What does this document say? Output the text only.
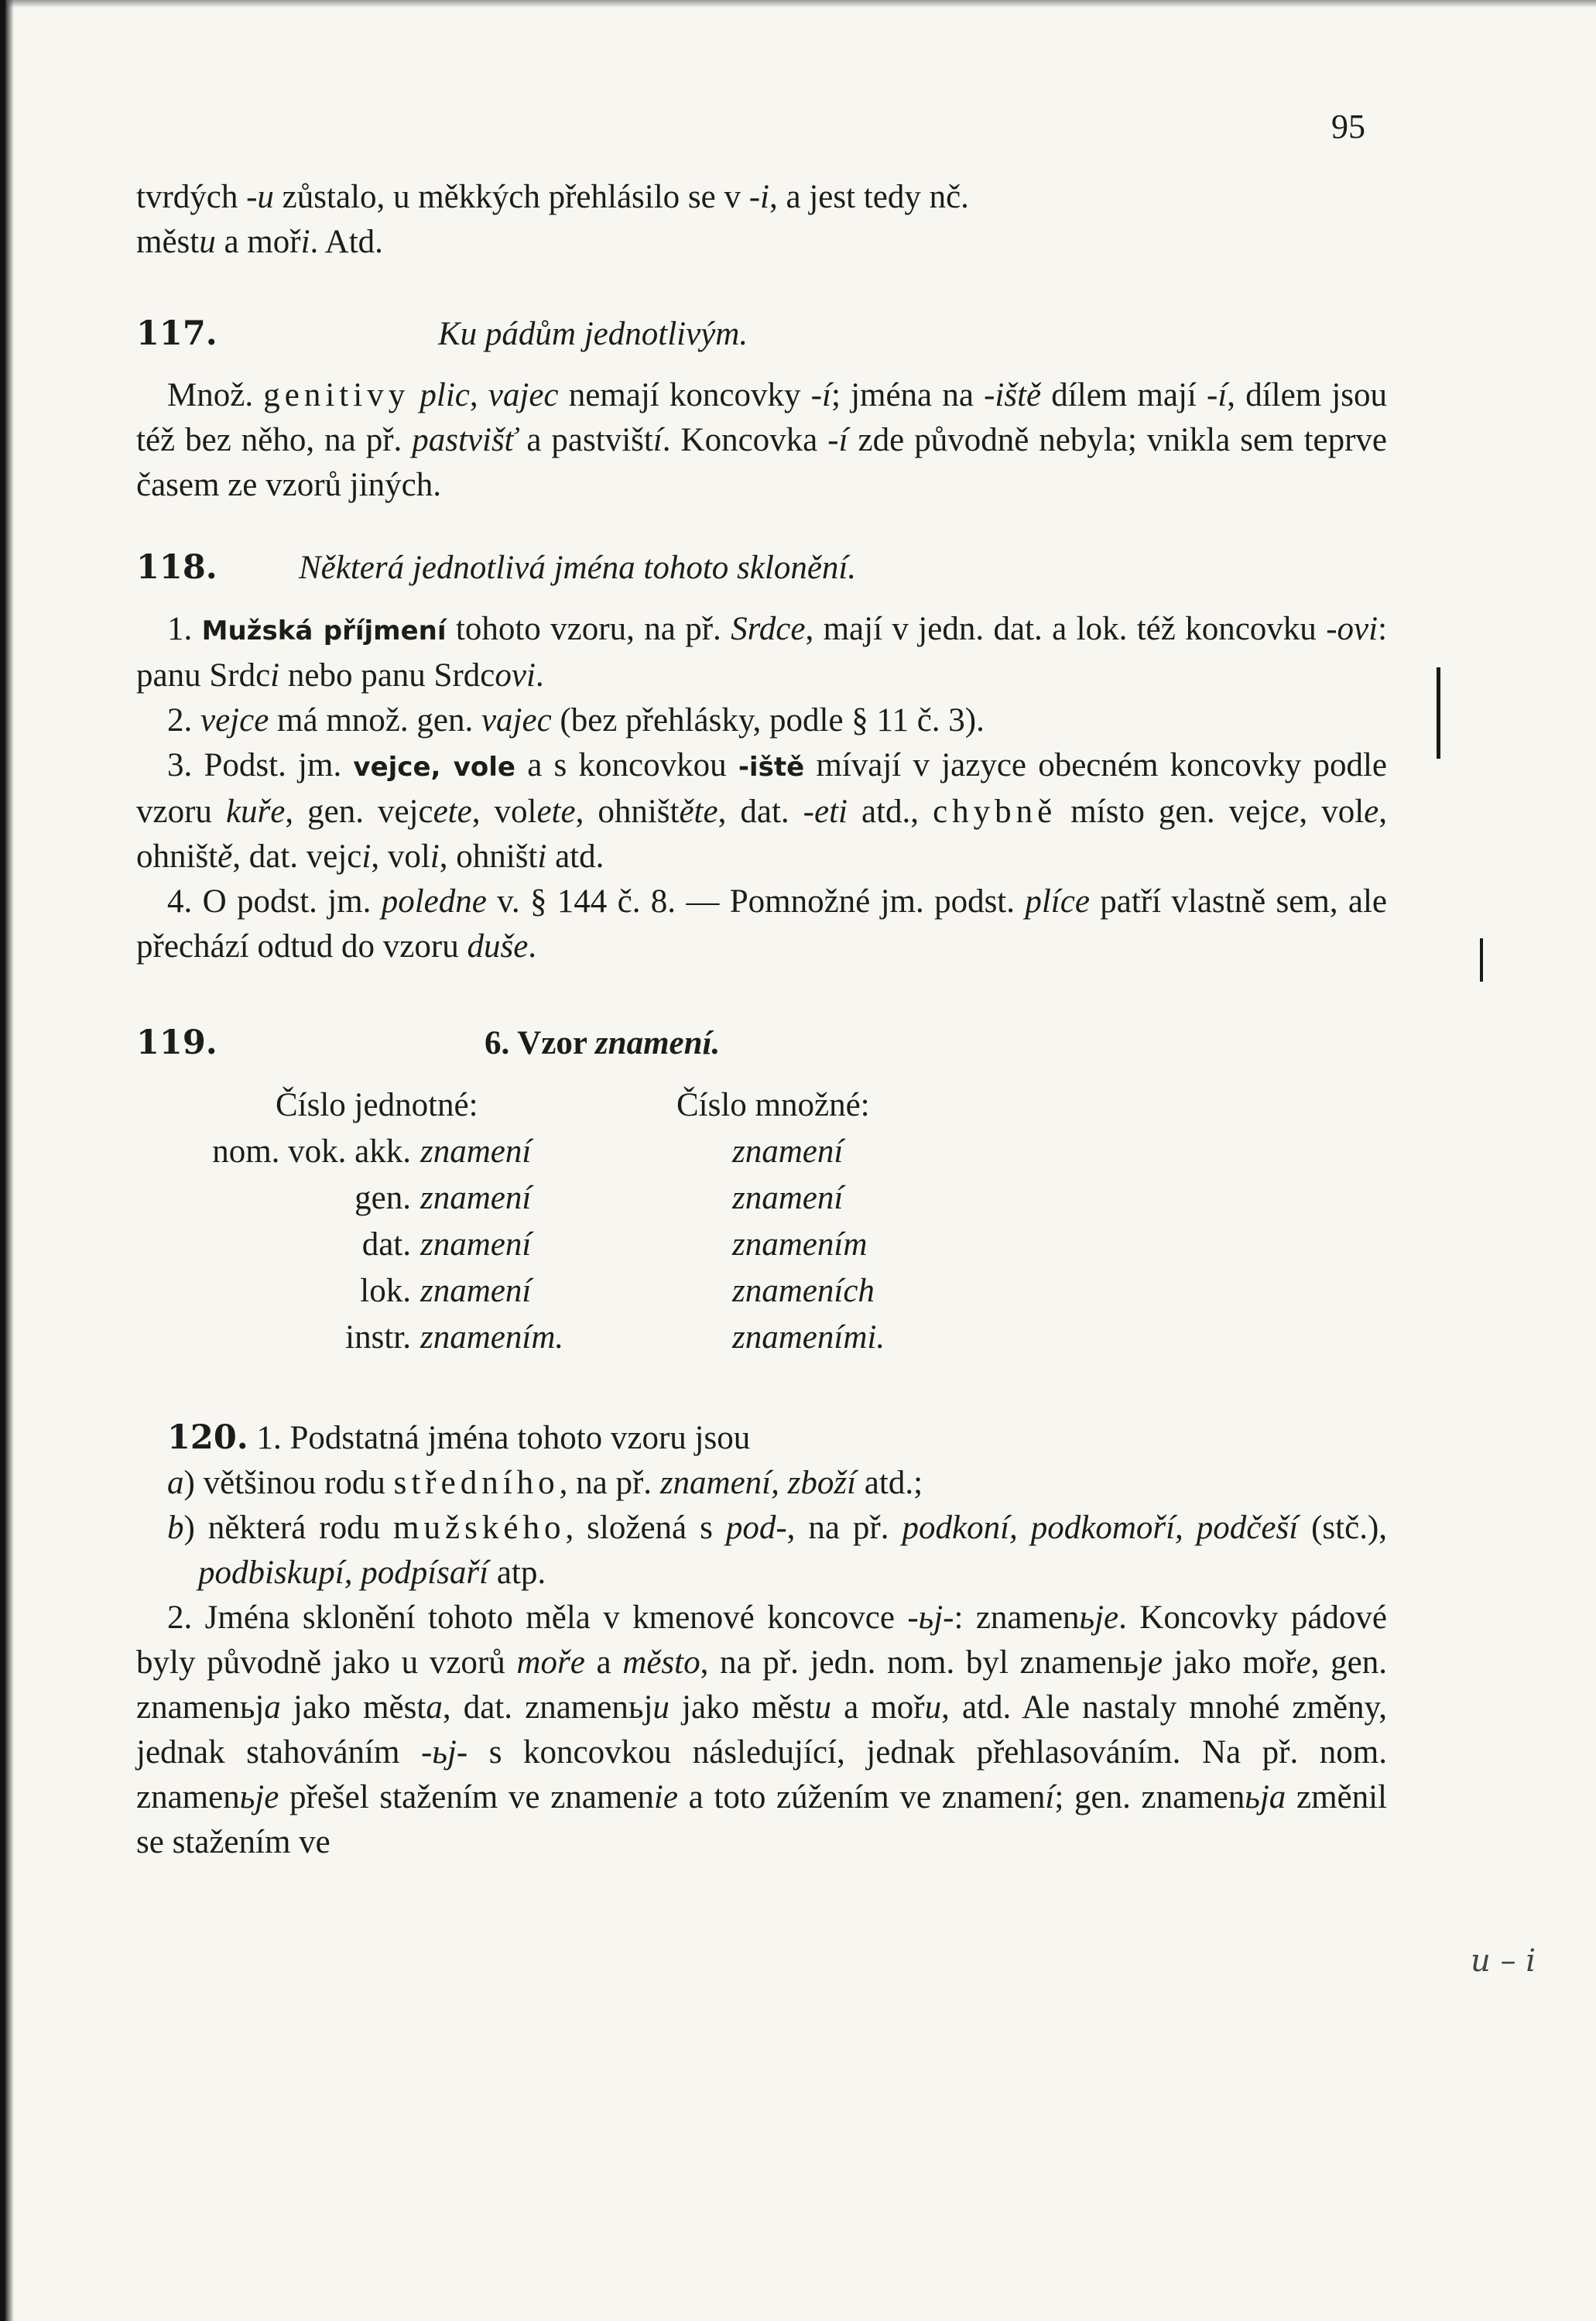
u – i
95

tvrdých -u zůstalo, u měkkých přehlásilo se v -i, a jest tedy nč.
městu a moři. Atd.

117.	Ku pádům jednotlivým.

Množ. genitivy plic, vajec nemají koncovky -í; jména na -iště dílem mají -í, dílem jsou též bez něho, na př. pastvišť a pastviští. Koncovka -í zde původně nebyla; vnikla sem teprve časem ze vzorů jiných.

118.	Některá jednotlivá jména tohoto sklonění.

1. Mužská příjmení tohoto vzoru, na př. Srdce, mají v jedn. dat. a lok. též koncovku -ovi: panu Srdci nebo panu Srdcovi.

2. vejce má množ. gen. vajec (bez přehlásky, podle § 11 č. 3).

3. Podst. jm. vejce, vole a s koncovkou -iště mívají v jazyce obecném koncovky podle vzoru kuře, gen. vejcete, volete, ohništěte, dat. -eti atd., chybně místo gen. vejce, vole, ohniště, dat. vejci, voli, ohništi atd.

4. O podst. jm. poledne v. § 144 č. 8. — Pomnožné jm. podst. plíce patří vlastně sem, ale přechází odtud do vzoru duše.

119.	6. Vzor znamení.
Číslo jednotné:	Číslo množné:
nom. vok. akk. znamení	znamení
gen. znamení	znamení
dat. znamení	znamením
lok. znamení	znameních
instr. znamením.	znameními.

120. 1. Podstatná jména tohoto vzoru jsou

a) většinou rodu středního, na př. znamení, zboží atd.;

b) některá rodu mužského, složená s pod-, na př. podkoní, podkomoří, podčeší (stč.), podbiskupí, podpísaří atp.

2. Jména sklonění tohoto měla v kmenové koncovce -ьj-: znamenьje. Koncovky pádové byly původně jako u vzorů moře a město, na př. jedn. nom. byl znamenьje jako moře, gen. znamenьja jako města, dat. znamenьju jako městu a mořu, atd. Ale nastaly mnohé změny, jednak stahováním -ьj- s koncovkou následující, jednak přehlasováním. Na př. nom. znamenьje přešel stažením ve znamenie a toto zúžením ve znamení; gen. znamenьja změnil se stažením ve
